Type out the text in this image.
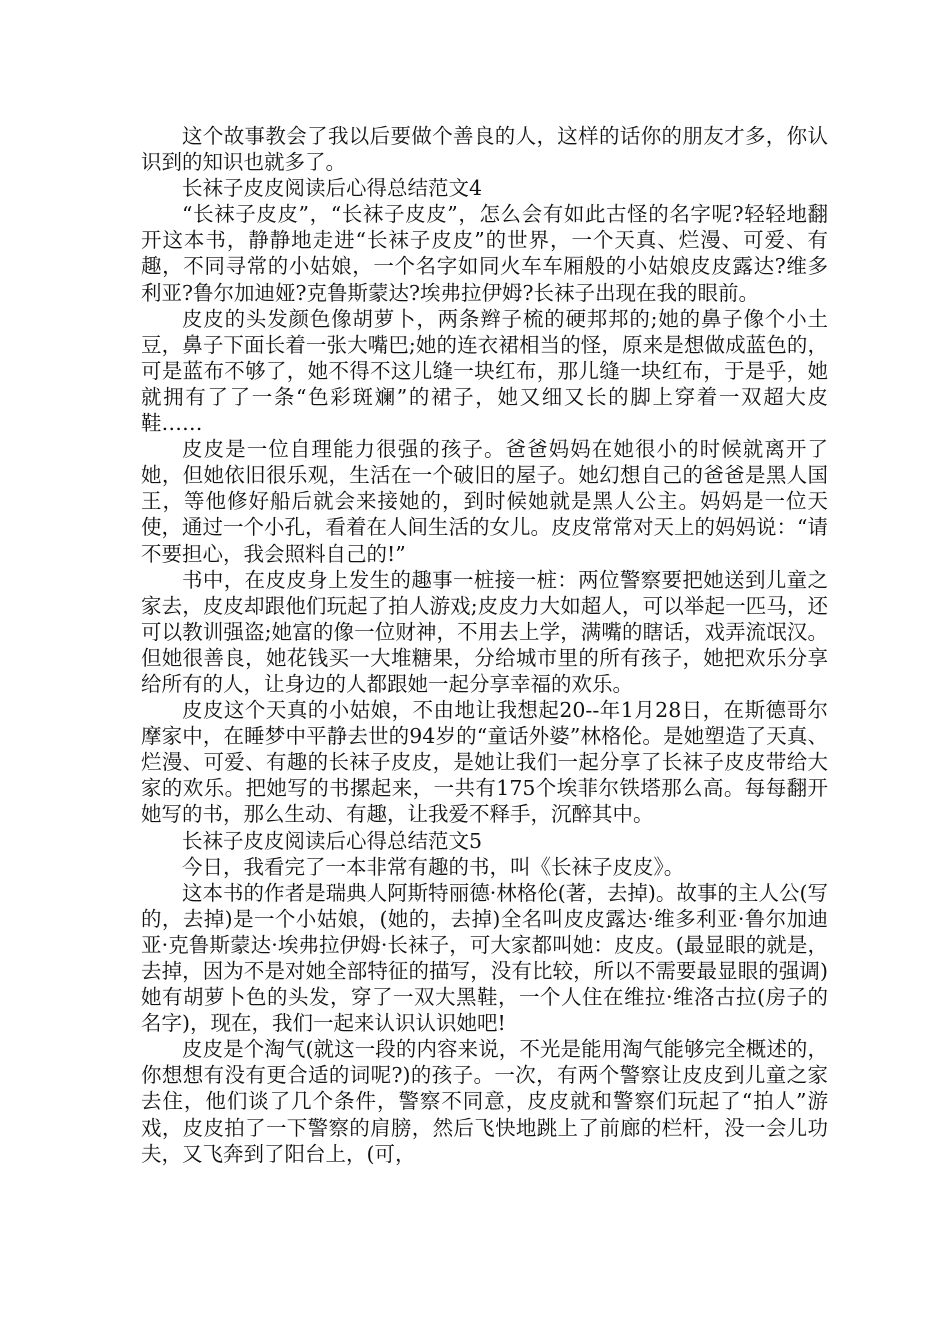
这个故事教会了我以后要做个善良的人，这样的话你的朋友才多，你认识到的知识也就多了。

长袜子皮皮阅读后心得总结范文4

“长袜子皮皮”，“长袜子皮皮”，怎么会有如此古怪的名字呢?轻轻地翻开这本书，静静地走进“长袜子皮皮”的世界，一个天真、烂漫、可爱、有趣，不同寻常的小姑娘，一个名字如同火车车厢般的小姑娘皮皮露达?维多利亚?鲁尔加迪娅?克鲁斯蒙达?埃弗拉伊姆?长袜子出现在我的眼前。

皮皮的头发颜色像胡萝卜，两条辫子梳的硬邦邦的;她的鼻子像个小土豆，鼻子下面长着一张大嘴巴;她的连衣裙相当的怪，原来是想做成蓝色的，可是蓝布不够了，她不得不这儿缝一块红布，那儿缝一块红布，于是乎，她就拥有了了一条“色彩斑斓”的裙子，她又细又长的脚上穿着一双超大皮鞋……

皮皮是一位自理能力很强的孩子。爸爸妈妈在她很小的时候就离开了她，但她依旧很乐观，生活在一个破旧的屋子。她幻想自己的爸爸是黑人国王，等他修好船后就会来接她的，到时候她就是黑人公主。妈妈是一位天使，通过一个小孔，看着在人间生活的女儿。皮皮常常对天上的妈妈说：“请不要担心，我会照料自己的!”

书中，在皮皮身上发生的趣事一桩接一桩：两位警察要把她送到儿童之家去，皮皮却跟他们玩起了拍人游戏;皮皮力大如超人，可以举起一匹马，还可以教训强盗;她富的像一位财神，不用去上学，满嘴的瞎话，戏弄流氓汉。但她很善良，她花钱买一大堆糖果，分给城市里的所有孩子，她把欢乐分享给所有的人，让身边的人都跟她一起分享幸福的欢乐。

皮皮这个天真的小姑娘，不由地让我想起20--年1月28日，在斯德哥尔摩家中，在睡梦中平静去世的94岁的“童话外婆”林格伦。是她塑造了天真、烂漫、可爱、有趣的长袜子皮皮，是她让我们一起分享了长袜子皮皮带给大家的欢乐。把她写的书摞起来，一共有175个埃菲尔铁塔那么高。每每翻开她写的书，那么生动、有趣，让我爱不释手，沉醉其中。

长袜子皮皮阅读后心得总结范文5

今日，我看完了一本非常有趣的书，叫《长袜子皮皮》。

这本书的作者是瑞典人阿斯特丽德·林格伦(著，去掉)。故事的主人公(写的，去掉)是一个小姑娘，(她的，去掉)全名叫皮皮露达·维多利亚·鲁尔加迪亚·克鲁斯蒙达·埃弗拉伊姆·长袜子，可大家都叫她：皮皮。(最显眼的就是，去掉，因为不是对她全部特征的描写，没有比较，所以不需要最显眼的强调)她有胡萝卜色的头发，穿了一双大黑鞋，一个人住在维拉·维洛古拉(房子的名字)，现在，我们一起来认识认识她吧!

皮皮是个淘气(就这一段的内容来说，不光是能用淘气能够完全概述的，你想想有没有更合适的词呢?)的孩子。一次，有两个警察让皮皮到儿童之家去住，他们谈了几个条件，警察不同意，皮皮就和警察们玩起了“拍人”游戏，皮皮拍了一下警察的肩膀，然后飞快地跳上了前廊的栏杆，没一会儿功夫，又飞奔到了阳台上，(可，
